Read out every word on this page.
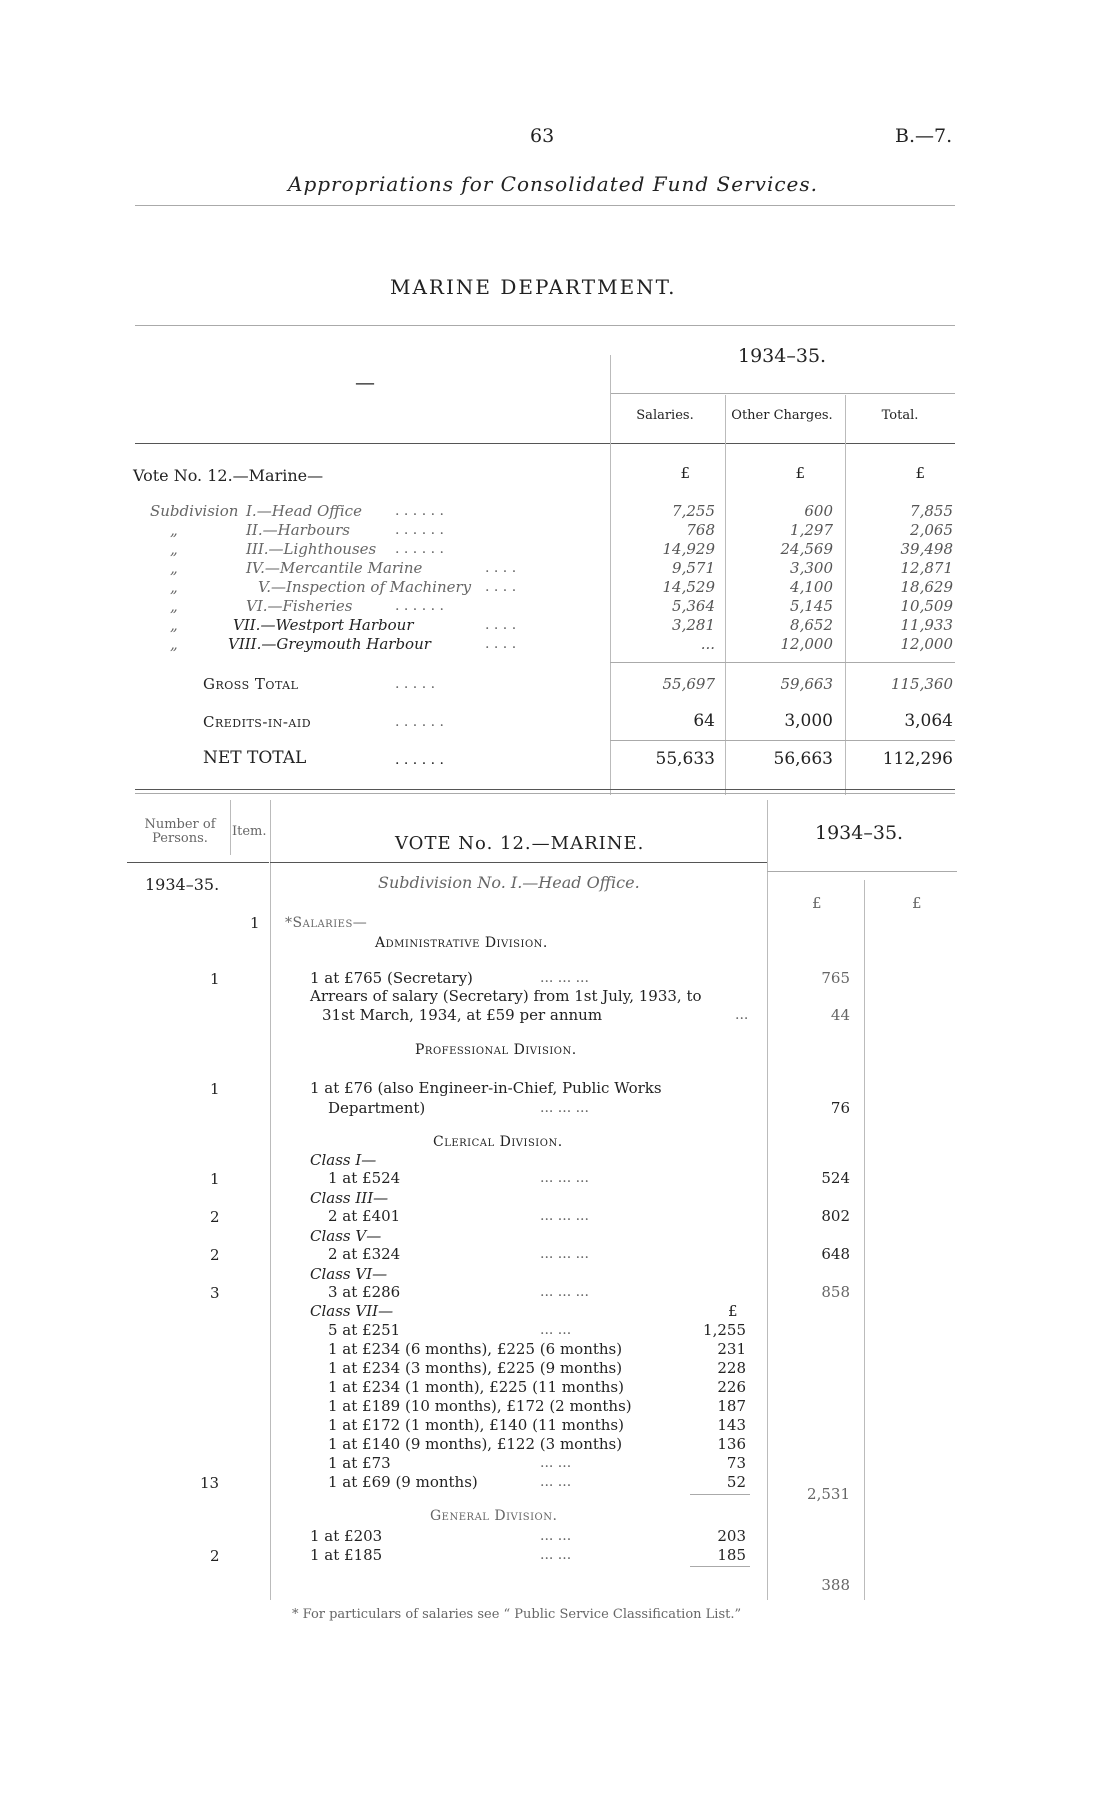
63	B.—7.
Appropriations for Consolidated Fund Services.
MARINE DEPARTMENT.
—
1934–35.
Salaries.	Other Charges.	Total.
Vote No. 12.—Marine—	£	£	£
Subdivision I.—Head Office . . . . . .	7,255	600	7,855
„	II.—Harbours	. . . . . .	768	1,297	2,065
„	III.—Lighthouses . . . . . .	14,929	24,569	39,498
„	IV.—Mercantile Marine	. . . .	9,571	3,300	12,871
„	V.—Inspection of Machinery . . . .	14,529	4,100	18,629
„	VI.—Fisheries	. . . . . .	5,364	5,145	10,509
„	VII.—Westport Harbour	. . . .	3,281	8,652	11,933
„	VIII.—Greymouth Harbour	. . . .	...	12,000	12,000
Gross Total	. . . . .	55,697	59,663	115,360
Credits-in-aid	. . . . . .	64	3,000	3,064
NET TOTAL	. . . . . .	55,633	56,663	112,296
Number of Persons.	Item.
VOTE No. 12.—MARINE.	1934–35.
1934–35.	Subdivision No. I.—Head Office.
£	£
1 *Salaries—
Administrative Division.
1	1 at £765 (Secretary)	... ... ...	765
Arrears of salary (Secretary) from 1st July, 1933, to
31st March, 1934, at £59 per annum	...	44
Professional Division.
1	1 at £76 (also Engineer-in-Chief, Public Works
Department)	... ... ...	76
Clerical Division.
Class I—
1	1 at £524	... ... ...	524
Class III—
2	2 at £401	... ... ...	802
Class V—
2	2 at £324	... ... ...	648
Class VI—
3	3 at £286	... ... ...	858
Class VII—	£
5 at £251	... ...	1,255
1 at £234 (6 months), £225 (6 months)	231
1 at £234 (3 months), £225 (9 months)	228
1 at £234 (1 month), £225 (11 months)	226
1 at £189 (10 months), £172 (2 months)	187
1 at £172 (1 month), £140 (11 months)	143
1 at £140 (9 months), £122 (3 months)	136
1 at £73	... ...	73
13	1 at £69 (9 months)	... ...	52
2,531
General Division.
1 at £203	... ...	203
2	1 at £185	... ...	185
388
* For particulars of salaries see “ Public Service Classification List.”
